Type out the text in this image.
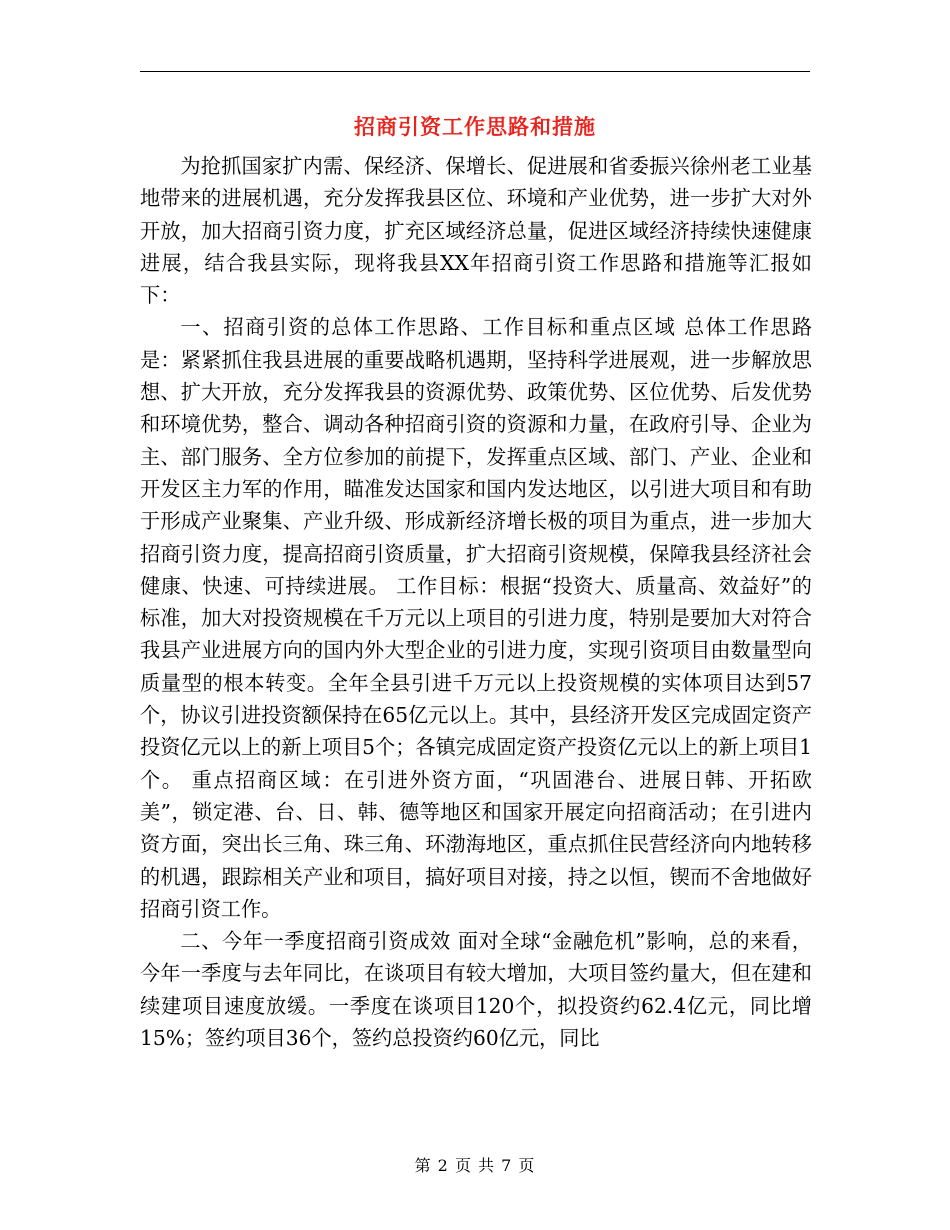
招商引资工作思路和措施

为抢抓国家扩内需、保经济、保增长、促进展和省委振兴徐州老工业基地带来的进展机遇，充分发挥我县区位、环境和产业优势，进一步扩大对外开放，加大招商引资力度，扩充区域经济总量，促进区域经济持续快速健康进展，结合我县实际，现将我县XX年招商引资工作思路和措施等汇报如下：

一、招商引资的总体工作思路、工作目标和重点区域 总体工作思路是：紧紧抓住我县进展的重要战略机遇期，坚持科学进展观，进一步解放思想、扩大开放，充分发挥我县的资源优势、政策优势、区位优势、后发优势和环境优势，整合、调动各种招商引资的资源和力量，在政府引导、企业为主、部门服务、全方位参加的前提下，发挥重点区域、部门、产业、企业和开发区主力军的作用，瞄准发达国家和国内发达地区，以引进大项目和有助于形成产业聚集、产业升级、形成新经济增长极的项目为重点，进一步加大招商引资力度，提高招商引资质量，扩大招商引资规模，保障我县经济社会健康、快速、可持续进展。 工作目标：根据“投资大、质量高、效益好”的标准，加大对投资规模在千万元以上项目的引进力度，特别是要加大对符合我县产业进展方向的国内外大型企业的引进力度，实现引资项目由数量型向质量型的根本转变。全年全县引进千万元以上投资规模的实体项目达到57个，协议引进投资额保持在65亿元以上。其中，县经济开发区完成固定资产投资亿元以上的新上项目5个；各镇完成固定资产投资亿元以上的新上项目1个。 重点招商区域：在引进外资方面，“巩固港台、进展日韩、开拓欧美”，锁定港、台、日、韩、德等地区和国家开展定向招商活动；在引进内资方面，突出长三角、珠三角、环渤海地区，重点抓住民营经济向内地转移的机遇，跟踪相关产业和项目，搞好项目对接，持之以恒，锲而不舍地做好招商引资工作。

二、今年一季度招商引资成效 面对全球“金融危机”影响，总的来看，今年一季度与去年同比，在谈项目有较大增加，大项目签约量大，但在建和续建项目速度放缓。一季度在谈项目120个，拟投资约62.4亿元，同比增15%；签约项目36个，签约总投资约60亿元，同比

第 2 页 共 7 页
